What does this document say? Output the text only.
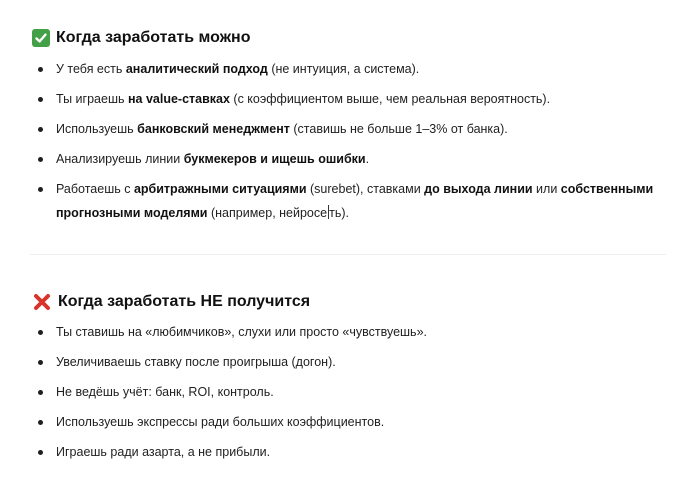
Когда заработать можно
У тебя есть аналитический подход (не интуиция, а система).
Ты играешь на value-ставках (с коэффициентом выше, чем реальная вероятность).
Используешь банковский менеджмент (ставишь не больше 1–3% от банка).
Анализируешь линии букмекеров и ищешь ошибки.
Работаешь с арбитражными ситуациями (surebet), ставками до выхода линии или собственными прогнозными моделями (например, нейросе ть).
Когда заработать НЕ получится
Ты ставишь на «любимчиков», слухи или просто «чувствуешь».
Увеличиваешь ставку после проигрыша (догон).
Не ведёшь учёт: банк, ROI, контроль.
Используешь экспрессы ради больших коэффициентов.
Играешь ради азарта, а не прибыли.
